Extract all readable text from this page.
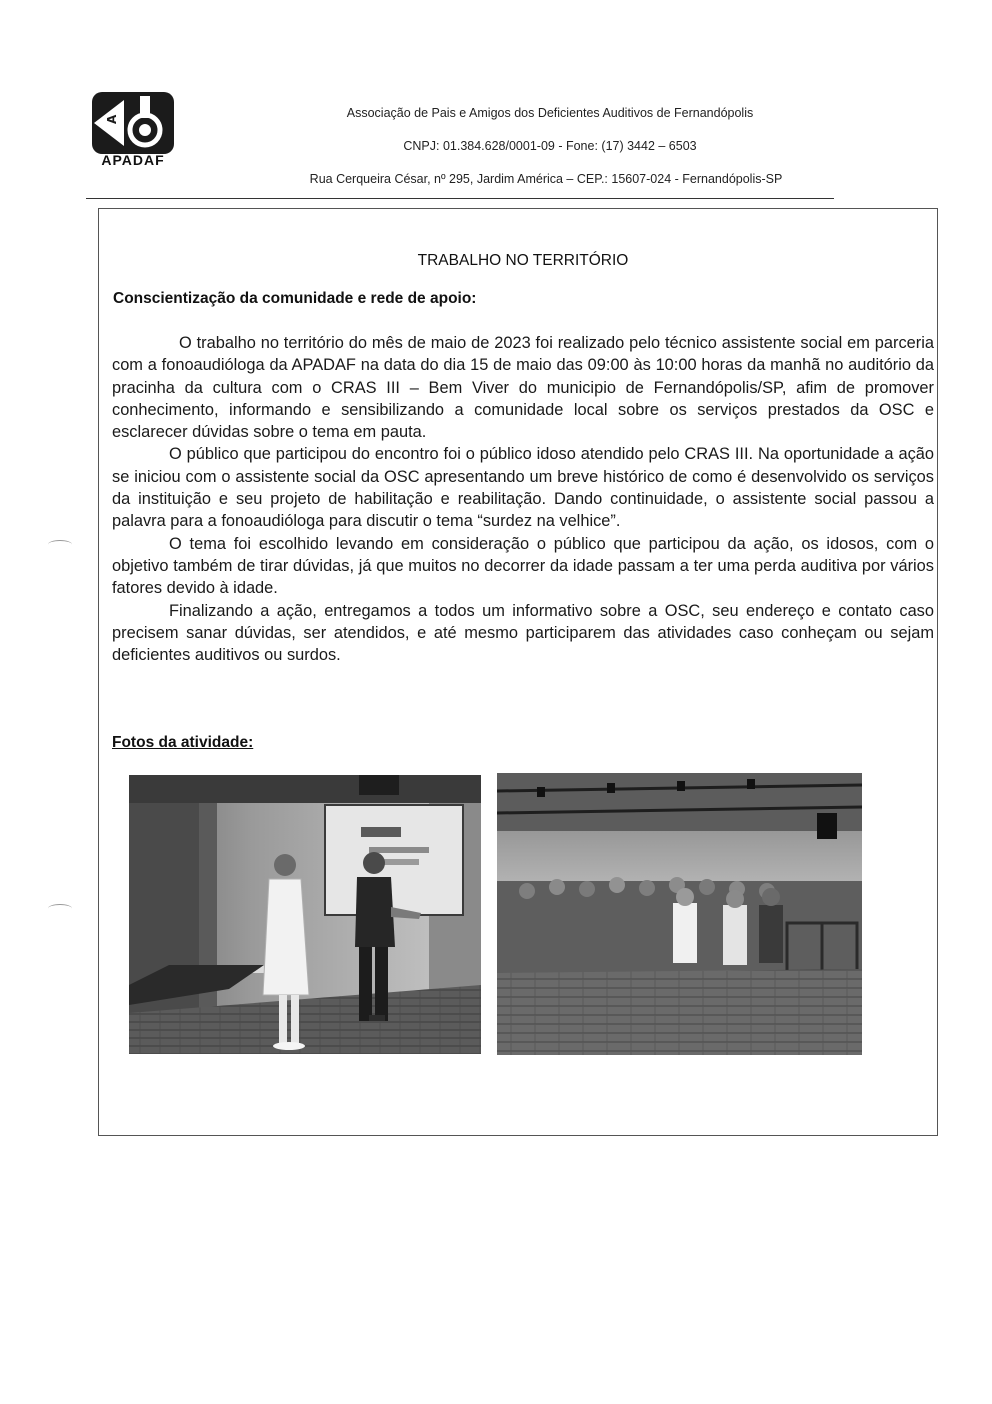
A
APADAF
Associação de Pais e Amigos dos Deficientes Auditivos de Fernandópolis
CNPJ: 01.384.628/0001-09 - Fone: (17) 3442 – 6503
Rua Cerqueira César, nº 295, Jardim América – CEP.: 15607-024 - Fernandópolis-SP
TRABALHO NO TERRITÓRIO
Conscientização da comunidade e rede de apoio:

O trabalho no território do mês de maio de 2023 foi realizado pelo técnico assistente social em parceria com a fonoaudióloga da APADAF na data do dia 15 de maio das 09:00 às 10:00 horas da manhã no auditório da pracinha da cultura com o CRAS III – Bem Viver do municipio de Fernandópolis/SP, afim de promover conhecimento, informando e sensibilizando a comunidade local sobre os serviços prestados da OSC e esclarecer dúvidas sobre o tema em pauta.

O público que participou do encontro foi o público idoso atendido pelo CRAS III. Na oportunidade a ação se iniciou com o assistente social da OSC apresentando um breve histórico de como é desenvolvido os serviços da instituição e seu projeto de habilitação e reabilitação. Dando continuidade, o assistente social passou a palavra para a fonoaudióloga para discutir o tema “surdez na velhice”.

O tema foi escolhido levando em consideração o público que participou da ação, os idosos, com o objetivo também de tirar dúvidas, já que muitos no decorrer da idade passam a ter uma perda auditiva por vários fatores devido à idade.

Finalizando a ação, entregamos a todos um informativo sobre a OSC, seu endereço e contato caso precisem sanar dúvidas, ser atendidos, e até mesmo participarem das atividades caso conheçam ou sejam deficientes auditivos ou surdos.

Fotos da atividade:
